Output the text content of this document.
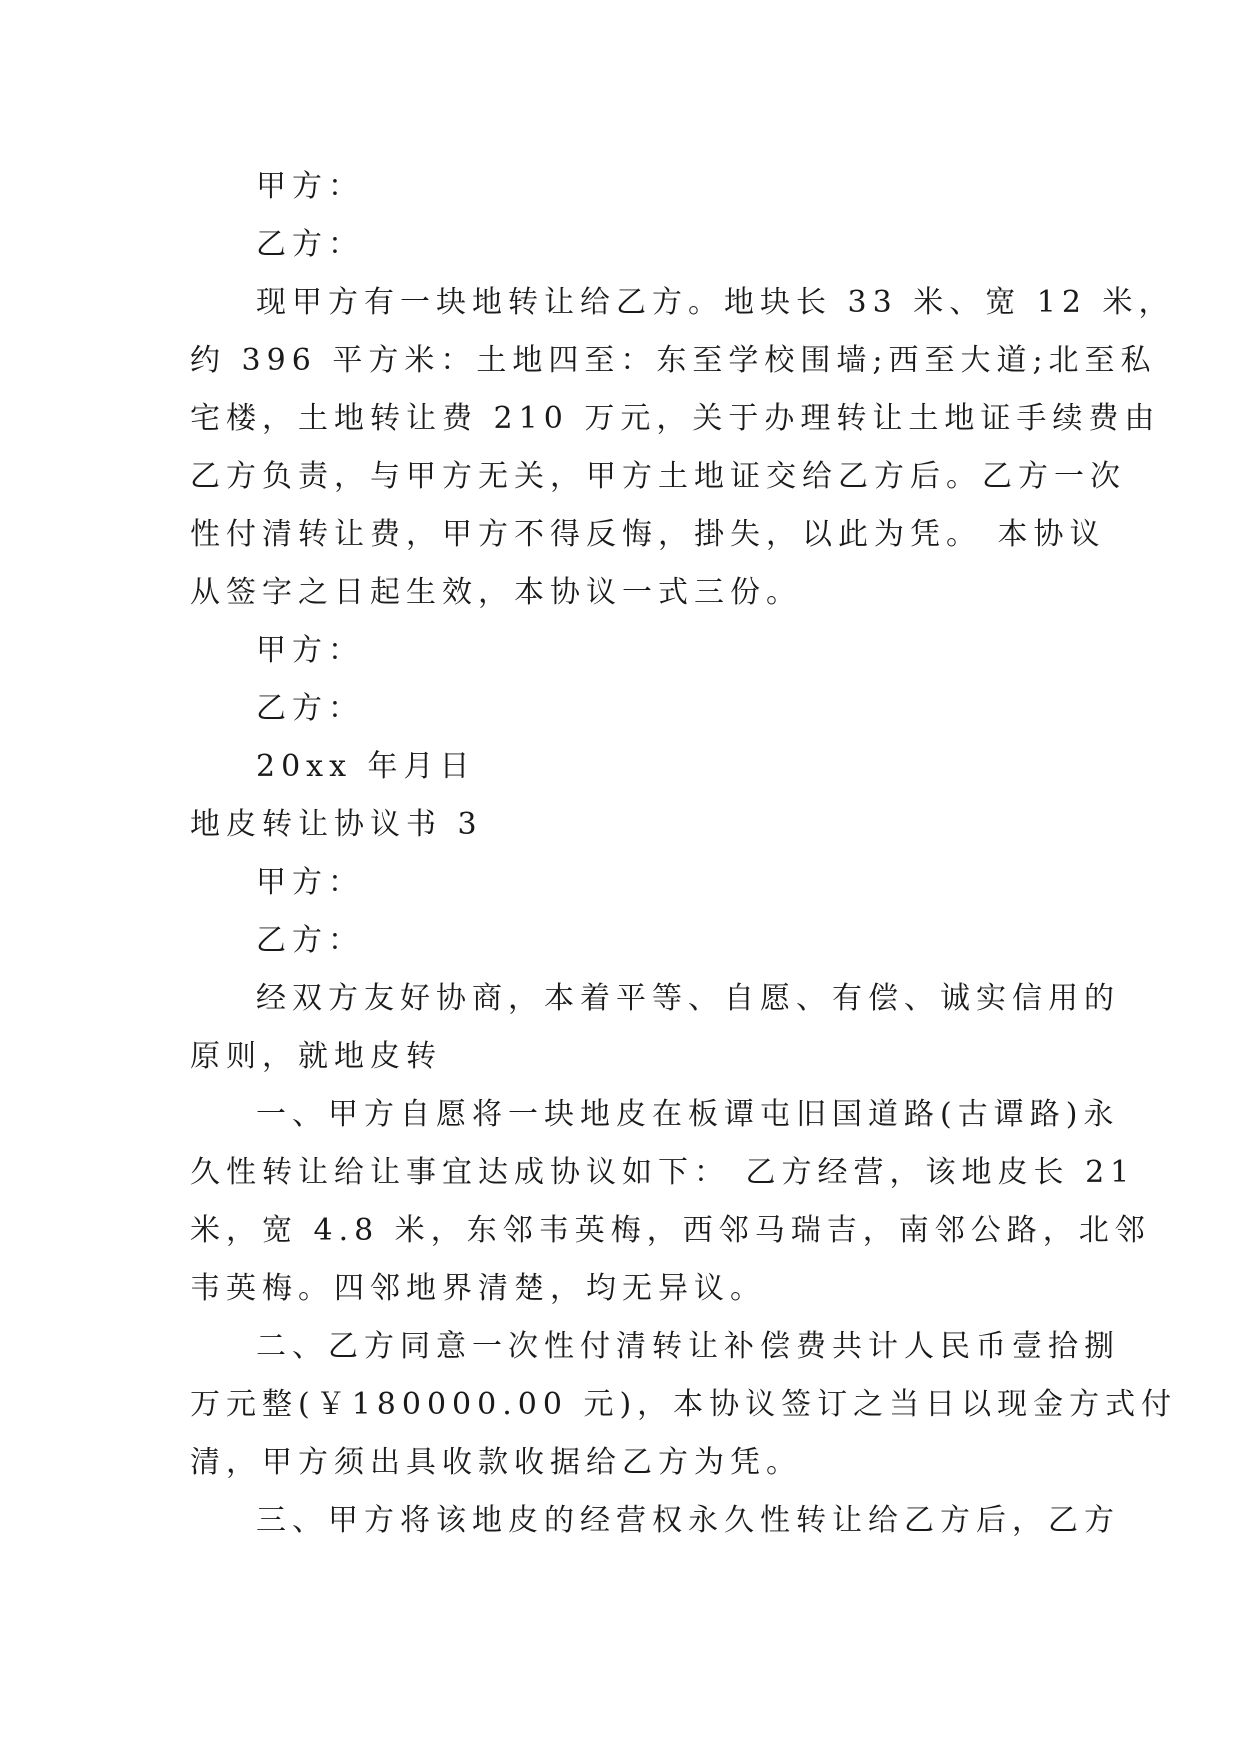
甲方：
乙方：
现甲方有一块地转让给乙方。地块长 33 米、宽 12 米，
约 396 平方米：土地四至：东至学校围墙;西至大道;北至私
宅楼，土地转让费 210 万元，关于办理转让土地证手续费由
乙方负责，与甲方无关，甲方土地证交给乙方后。乙方一次
性付清转让费，甲方不得反悔，掛失，以此为凭。 本协议
从签字之日起生效，本协议一式三份。
甲方：
乙方：
20xx 年月日
地皮转让协议书 3
甲方：
乙方：
经双方友好协商，本着平等、自愿、有偿、诚实信用的
原则，就地皮转
一、甲方自愿将一块地皮在板谭屯旧国道路(古谭路)永
久性转让给让事宜达成协议如下： 乙方经营，该地皮长 21
米，宽 4.8 米，东邻韦英梅，西邻马瑞吉，南邻公路，北邻
韦英梅。四邻地界清楚，均无异议。
二、乙方同意一次性付清转让补偿费共计人民币壹拾捌
万元整(￥180000.00 元)，本协议签订之当日以现金方式付
清，甲方须出具收款收据给乙方为凭。
三、甲方将该地皮的经营权永久性转让给乙方后，乙方
